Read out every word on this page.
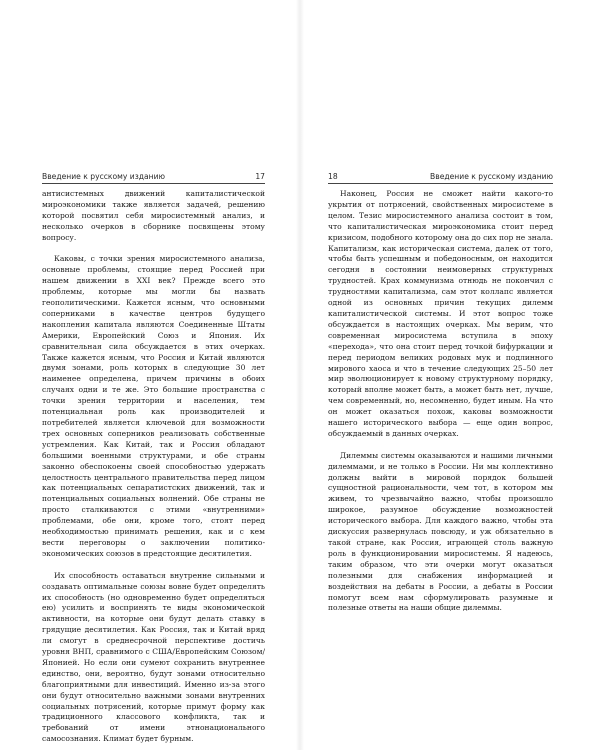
Введение к русскому изданию	17

антисистемных движений капиталистической мироэкономики также является задачей, решению которой посвятил себя миросистемный анализ, и несколько очерков в сборнике посвящены этому вопросу.

Каковы, с точки зрения миросистемного анализа, основные проблемы, стоящие перед Россией при нашем движении в XXI век? Прежде всего это проблемы, которые мы могли бы назвать геополитическими. Кажется ясным, что основными соперниками в качестве центров будущего накопления капитала являются Соединенные Штаты Америки, Европейский Союз и Япония. Их сравнительная сила обсуждается в этих очерках. Также кажется ясным, что Россия и Китай являются двумя зонами, роль которых в следующие 30 лет наименее определена, причем причины в обоих случаях одни и те же. Это большие пространства с точки зрения территории и населения, тем потенциальная роль как производителей и потребителей является ключевой для возможности трех основных соперников реализовать собственные устремления. Как Китай, так и Россия обладают большими военными структурами, и обе страны законно обеспокоены своей способностью удержать целостность центрального правительства перед лицом как потенциальных сепаратистских движений, так и потенциальных социальных волнений. Обе страны не просто сталкиваются с этими «внутренними» проблемами, обе они, кроме того, стоят перед необходимостью принимать решения, как и с кем вести переговоры о заключении политико-экономических союзов в предстоящие десятилетия.

Их способность оставаться внутренне сильными и создавать оптимальные союзы вовне будет определять их способность (но одновременно будет определяться ею) усилить и воспринять те виды экономической активности, на которые они будут делать ставку в грядущие десятилетия. Как Россия, так и Китай вряд ли смогут в среднесрочной перспективе достичь уровня ВНП, сравнимого с США/Европейским Союзом/Японией. Но если они сумеют сохранить внутреннее единство, они, вероятно, будут зонами относительно благоприятными для инвестиций. Именно из-за этого они будут относительно важными зонами внутренних социальных потрясений, которые примут форму как традиционного классового конфликта, так и требований от имени этнонационального самосознания. Климат будет бурным.

18	Введение к русскому изданию

Наконец, Россия не сможет найти какого-то укрытия от потрясений, свойственных миросистеме в целом. Тезис миросистемного анализа состоит в том, что капиталистическая мироэкономика стоит перед кризисом, подобного которому она до сих пор не знала. Капитализм, как историческая система, далек от того, чтобы быть успешным и победоносным, он находится сегодня в состоянии неимоверных структурных трудностей. Крах коммунизма отнюдь не покончил с трудностями капитализма, сам этот коллапс является одной из основных причин текущих дилемм капиталистической системы. И этот вопрос тоже обсуждается в настоящих очерках. Мы верим, что современная миросистема вступила в эпоху «перехода», что она стоит перед точкой бифуркации и перед периодом великих родовых мук и подлинного мирового хаоса и что в течение следующих 25–50 лет мир эволюционирует к новому структурному порядку, который вполне может быть, а может быть нет, лучше, чем современный, но, несомненно, будет иным. На что он может оказаться похож, каковы возможности нашего исторического выбора — еще один вопрос, обсуждаемый в данных очерках.

Дилеммы системы оказываются и нашими личными дилеммами, и не только в России. Ни мы коллективно должны выйти в мировой порядок большей сущностной рациональности, чем тот, в котором мы живем, то чрезвычайно важно, чтобы произошло широкое, разумное обсуждение возможностей исторического выбора. Для каждого важно, чтобы эта дискуссия развернулась повсюду, и уж обязательно в такой стране, как Россия, играющей столь важную роль в функционировании миросистемы. Я надеюсь, таким образом, что эти очерки могут оказаться полезными для снабжения информацией и воздействия на дебаты в России, а дебаты в России помогут всем нам сформулировать разумные и полезные ответы на наши общие дилеммы.
